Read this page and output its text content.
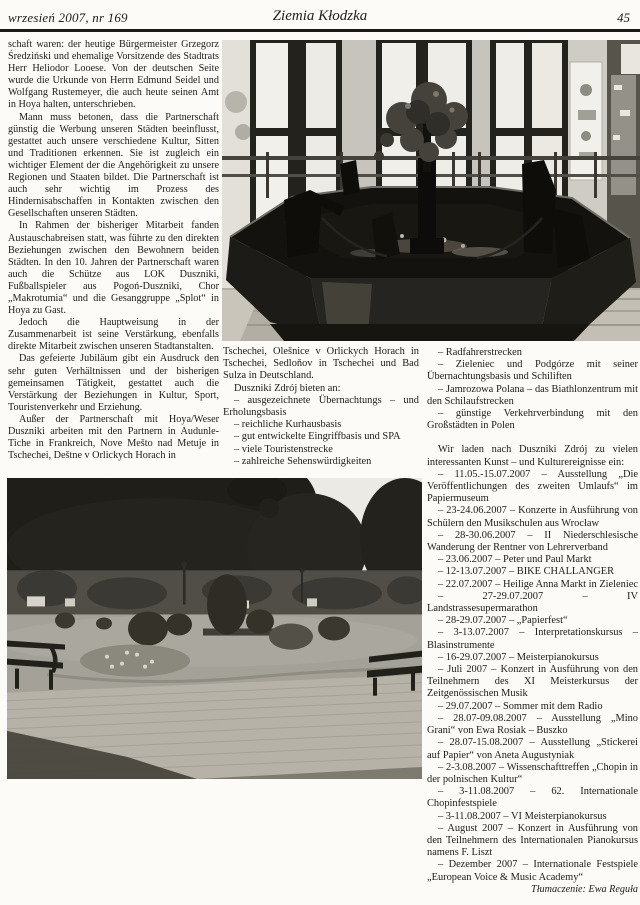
wrzesień 2007, nr 169	Ziemia Kłodzka	45

schaft waren: der heutige Bürgermeister Grzegorz Średziński und ehemalige Vorsitzende des Stadtrats Herr Heliodor Looese. Von der deutschen Seite wurde die Urkunde von Herrn Edmund Seidel und Wolfgang Rustemeyer, die auch heute seinen Amt in Hoya halten, unterschrieben.

Mann muss betonen, dass die Partnerschaft günstig die Werbung unseren Städten beeinflusst, gestattet auch unsere verschiedene Kultur, Sitten und Traditionen erkennen. Sie ist zugleich ein wichtiger Element der die Angehörigkeit zu unsere Regionen und Staaten bildet. Die Partnerschaft ist auch sehr wichtig im Prozess des Hindernisabschaffen in Kontakten zwischen den Gesellschaften unseren Städten.

In Rahmen der bisheriger Mitarbeit fanden Austauschabreisen statt, was führte zu den direkten Beziehungen zwischen den Bewohnern beiden Städten. In den 10. Jahren der Partnerschaft waren auch die Schütze aus LOK Duszniki, Fußballspieler aus Pogoń-Duszniki, Chor „Makrotumia“ und die Gesanggruppe „Splot“ in Hoya zu Gast.

Jedoch die Hauptweisung in der Zusammenarbeit ist seine Verstärkung, ebenfalls direkte Mitarbeit zwischen unseren Stadtanstalten.

Das gefeierte Jubiläum gibt ein Ausdruck den sehr guten Verhältnissen und der bisherigen gemeinsamen Tätigkeit, gestattet auch die Verstärkung der Beziehungen in Kultur, Sport, Touristenverkehr und Erziehung.

Außer der Partnerschaft mit Hoya/Weser Duszniki arbeiten mit den Partnern in Audunle-Tiche in Frankreich, Nove Mešto nad Metuje in Tschechei, Deštne v Orlickych Horach in

Tschechei, Olešnice v Orlickych Horach in Tschechei, Sedloňov in Tschechei und Bad Sulza in Deutschland.

Duszniki Zdrój bieten an:

– ausgezeichnete Übernachtungs – und Erholungsbasis

– reichliche Kurhausbasis

– gut entwickelte Eingriffbasis und SPA

– viele Touristenstrecke

– zahlreiche Sehenswürdigkeiten

– Radfahrerstrecken

– Zieleniec und Podgórze mit seiner Übernachtungsbasis und Schiliften

– Jamrozowa Polana – das Biathlonzentrum mit den Schilaufstrecken

– günstige Verkehrverbindung mit den Großstädten in Polen

Wir laden nach Duszniki Zdrój zu vielen interessanten Kunst – und Kulturereignisse ein:

– 11.05.-15.07.2007 – Ausstellung „Die Veröffentlichungen des zweiten Umlaufs“ im Papiermuseum

– 23-24.06.2007 – Konzerte in Ausführung von Schülern den Musikschulen aus Wrocław

– 28-30.06.2007 – II Niederschlesische Wanderung der Rentner von Lehrerverband

– 23.06.2007 – Peter und Paul Markt

– 12-13.07.2007 – BIKE CHALLANGER

– 22.07.2007 – Heilige Anna Markt in Zieleniec

– 27-29.07.2007 – IV Landstrassesupermarathon

– 28-29.07.2007 – „Papierfest“

– 3-13.07.2007 – Interpretationskursus – Blasinstrumente

– 16-29.07.2007 – Meisterpianokursus

– Juli 2007 – Konzert in Ausführung von den Teilnehmern des XI Meisterkursus der Zeitgenössischen Musik

– 29.07.2007 – Sommer mit dem Radio

– 28.07-09.08.2007 – Ausstellung „Mino Grani“ von Ewa Rosiak – Buszko

– 28.07-15.08.2007 – Ausstellung „Stickerei auf Papier“ von Aneta Augustyniak

– 2-3.08.2007 – Wissenschafttreffen „Chopin in der polnischen Kultur“

– 3-11.08.2007 – 62. Internationale Chopinfestspiele

– 3-11.08.2007 – VI Meisterpianokursus

– August 2007 – Konzert in Ausführung von den Teilnehmern des Internationalen Pianokursus namens F. Liszt

– Dezember 2007 – Internationale Festspiele „European Voice & Music Academy“

Tłumaczenie: Ewa Reguła
